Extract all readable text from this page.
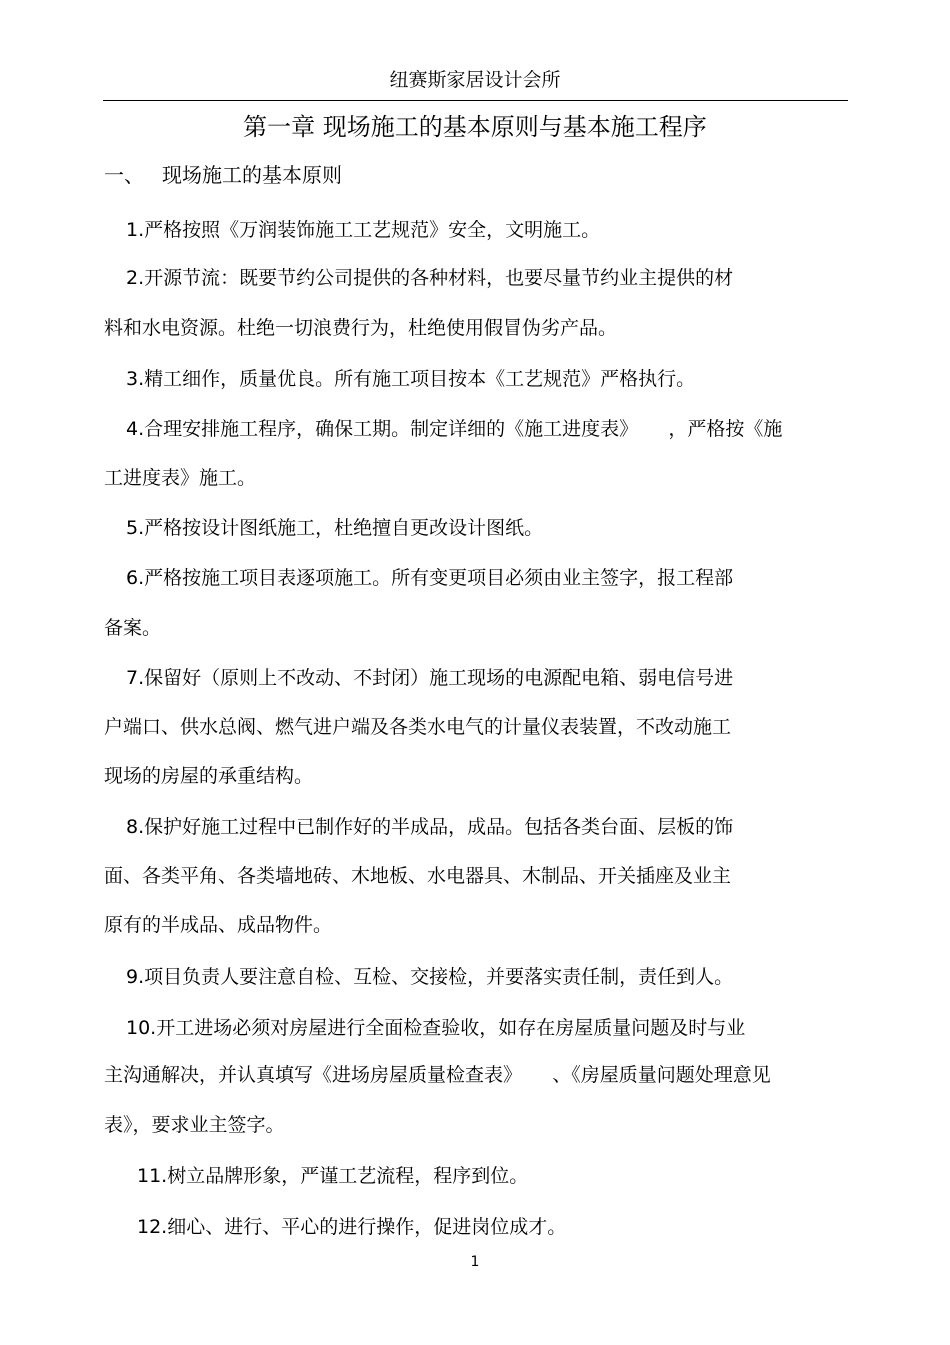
纽赛斯家居设计会所
第一章 现场施工的基本原则与基本施工程序
一、 现场施工的基本原则
1.严格按照《万润装饰施工工艺规范》安全，文明施工。
2.开源节流：既要节约公司提供的各种材料，也要尽量节约业主提供的材
料和水电资源。杜绝一切浪费行为，杜绝使用假冒伪劣产品。
3.精工细作，质量优良。所有施工项目按本《工艺规范》严格执行。
4.合理安排施工程序，确保工期。制定详细的《施工进度表》     ，严格按《施
工进度表》施工。
5.严格按设计图纸施工，杜绝擅自更改设计图纸。
6.严格按施工项目表逐项施工。所有变更项目必须由业主签字，报工程部
备案。
7.保留好（原则上不改动、不封闭）施工现场的电源配电箱、弱电信号进
户端口、供水总阀、燃气进户端及各类水电气的计量仪表装置，不改动施工
现场的房屋的承重结构。
8.保护好施工过程中已制作好的半成品，成品。包括各类台面、层板的饰
面、各类平角、各类墙地砖、木地板、水电器具、木制品、开关插座及业主
原有的半成品、成品物件。
9.项目负责人要注意自检、互检、交接检，并要落实责任制，责任到人。
10.开工进场必须对房屋进行全面检查验收，如存在房屋质量问题及时与业
主沟通解决，并认真填写《进场房屋质量检查表》     、《房屋质量问题处理意见
表》，要求业主签字。
11.树立品牌形象，严谨工艺流程，程序到位。
12.细心、进行、平心的进行操作，促进岗位成才。
1
